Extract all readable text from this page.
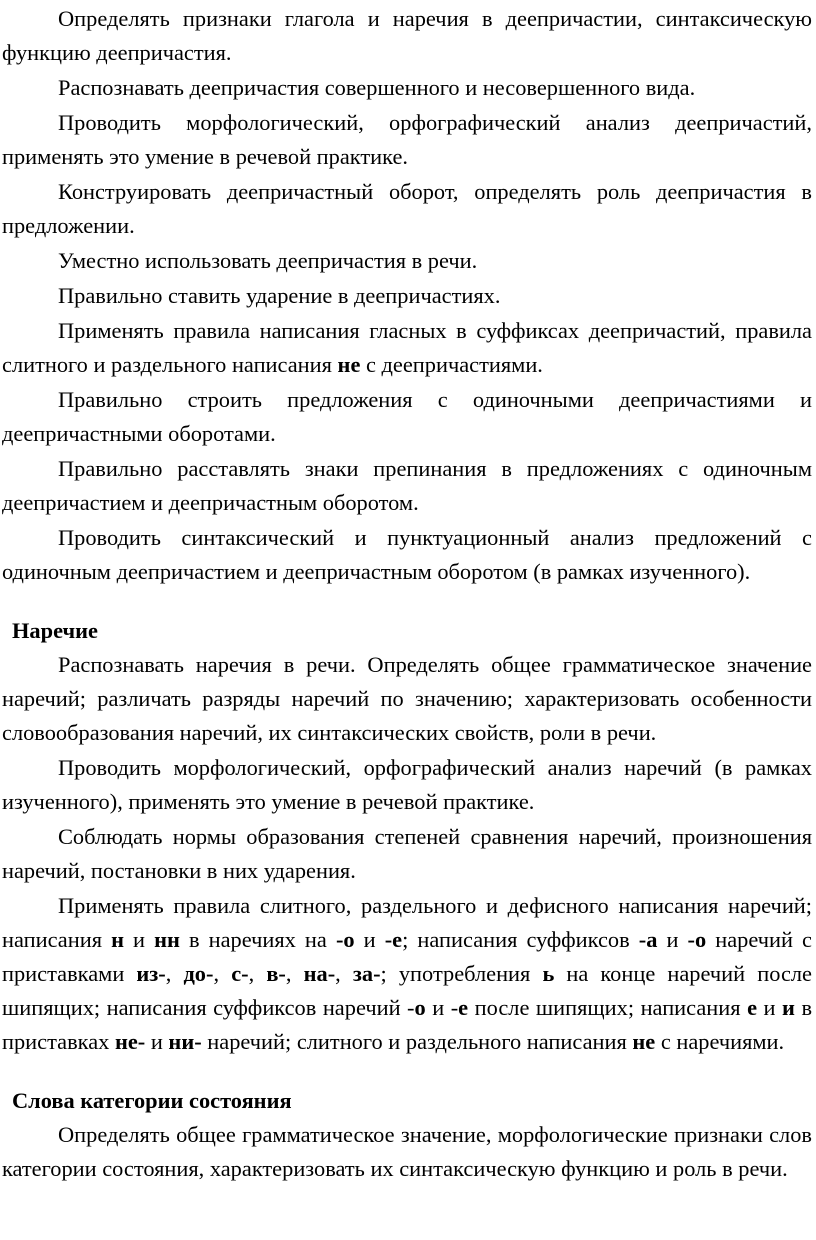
Определять признаки глагола и наречия в деепричастии, синтаксическую функцию деепричастия.

Распознавать деепричастия совершенного и несовершенного вида.

Проводить морфологический, орфографический анализ деепричастий, применять это умение в речевой практике.

Конструировать деепричастный оборот, определять роль деепричастия в предложении.

Уместно использовать деепричастия в речи.

Правильно ставить ударение в деепричастиях.

Применять правила написания гласных в суффиксах деепричастий, правила слитного и раздельного написания не с деепричастиями.

Правильно строить предложения с одиночными деепричастиями и деепричастными оборотами.

Правильно расставлять знаки препинания в предложениях с одиночным деепричастием и деепричастным оборотом.

Проводить синтаксический и пунктуационный анализ предложений с одиночным деепричастием и деепричастным оборотом (в рамках изученного).

Наречие

Распознавать наречия в речи. Определять общее грамматическое значение наречий; различать разряды наречий по значению; характеризовать особенности словообразования наречий, их синтаксических свойств, роли в речи.

Проводить морфологический, орфографический анализ наречий (в рамках изученного), применять это умение в речевой практике.

Соблюдать нормы образования степеней сравнения наречий, произношения наречий, постановки в них ударения.

Применять правила слитного, раздельного и дефисного написания наречий; написания н и нн в наречиях на -о и -е; написания суффиксов -а и -о наречий с приставками из-, до-, с-, в-, на-, за-; употребления ь на конце наречий после шипящих; написания суффиксов наречий -о и -е после шипящих; написания е и и в приставках не- и ни- наречий; слитного и раздельного написания не с наречиями.

Слова категории состояния

Определять общее грамматическое значение, морфологические признаки слов категории состояния, характеризовать их синтаксическую функцию и роль в речи.
